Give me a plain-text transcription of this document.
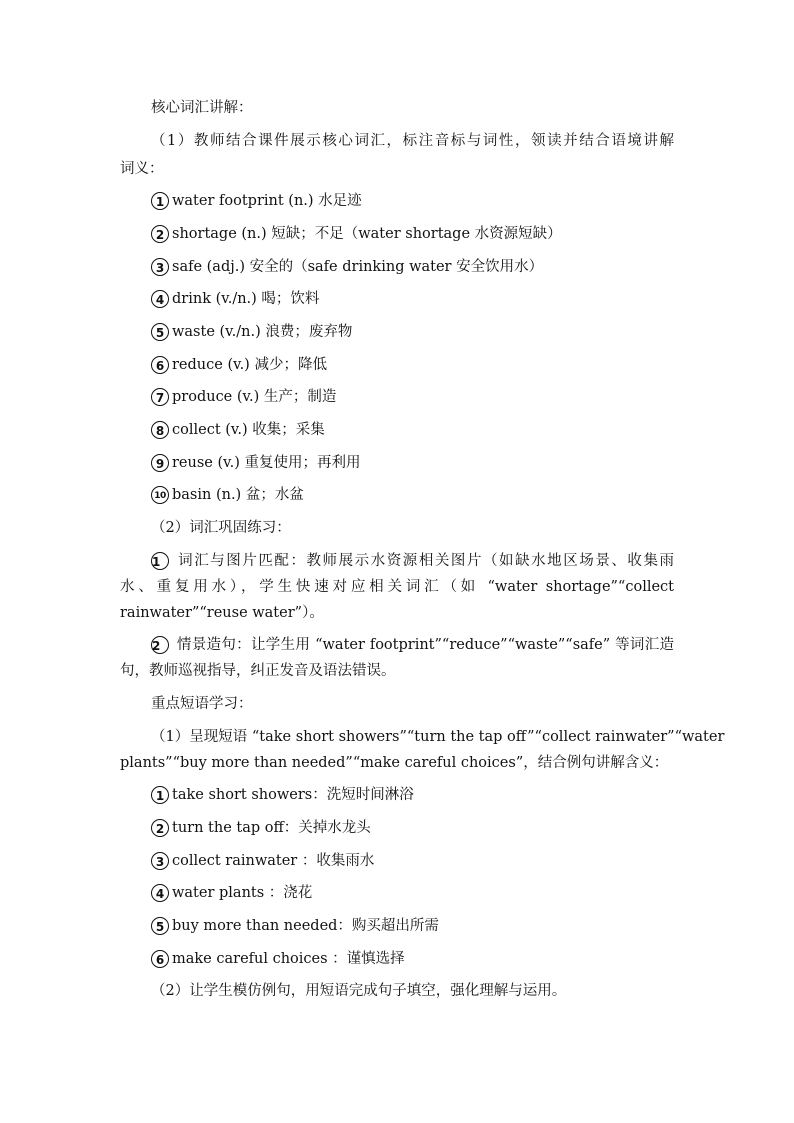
核心词汇讲解：
（1）教师结合课件展示核心词汇，标注音标与词性，领读并结合语境讲解
词义：
1 water footprint (n.) 水足迹
2 shortage (n.) 短缺；不足（water shortage 水资源短缺）
3 safe (adj.) 安全的（safe drinking water 安全饮用水）
4 drink (v./n.) 喝；饮料
5 waste (v./n.) 浪费；废弃物
6 reduce (v.) 减少；降低
7 produce (v.) 生产；制造
8 collect (v.) 收集；采集
9 reuse (v.) 重复使用；再利用
10 basin (n.) 盆；水盆
（2）词汇巩固练习：
1 词汇与图片匹配：教师展示水资源相关图片（如缺水地区场景、收集雨
水、重复用水），学生快速对应相关词汇（如 “water shortage”“collect
rainwater”“reuse water”）。
2 情景造句：让学生用 “water footprint”“reduce”“waste”“safe” 等词汇造
句，教师巡视指导，纠正发音及语法错误。
重点短语学习：
（1）呈现短语 “take short showers”“turn the tap off”“collect rainwater”“water
plants”“buy more than needed”“make careful choices”，结合例句讲解含义：
1 take short showers：洗短时间淋浴
2 turn the tap off：关掉水龙头
3 collect rainwater ：收集雨水
4 water plants ：浇花
5 buy more than needed：购买超出所需
6 make careful choices ：谨慎选择
（2）让学生模仿例句，用短语完成句子填空，强化理解与运用。
